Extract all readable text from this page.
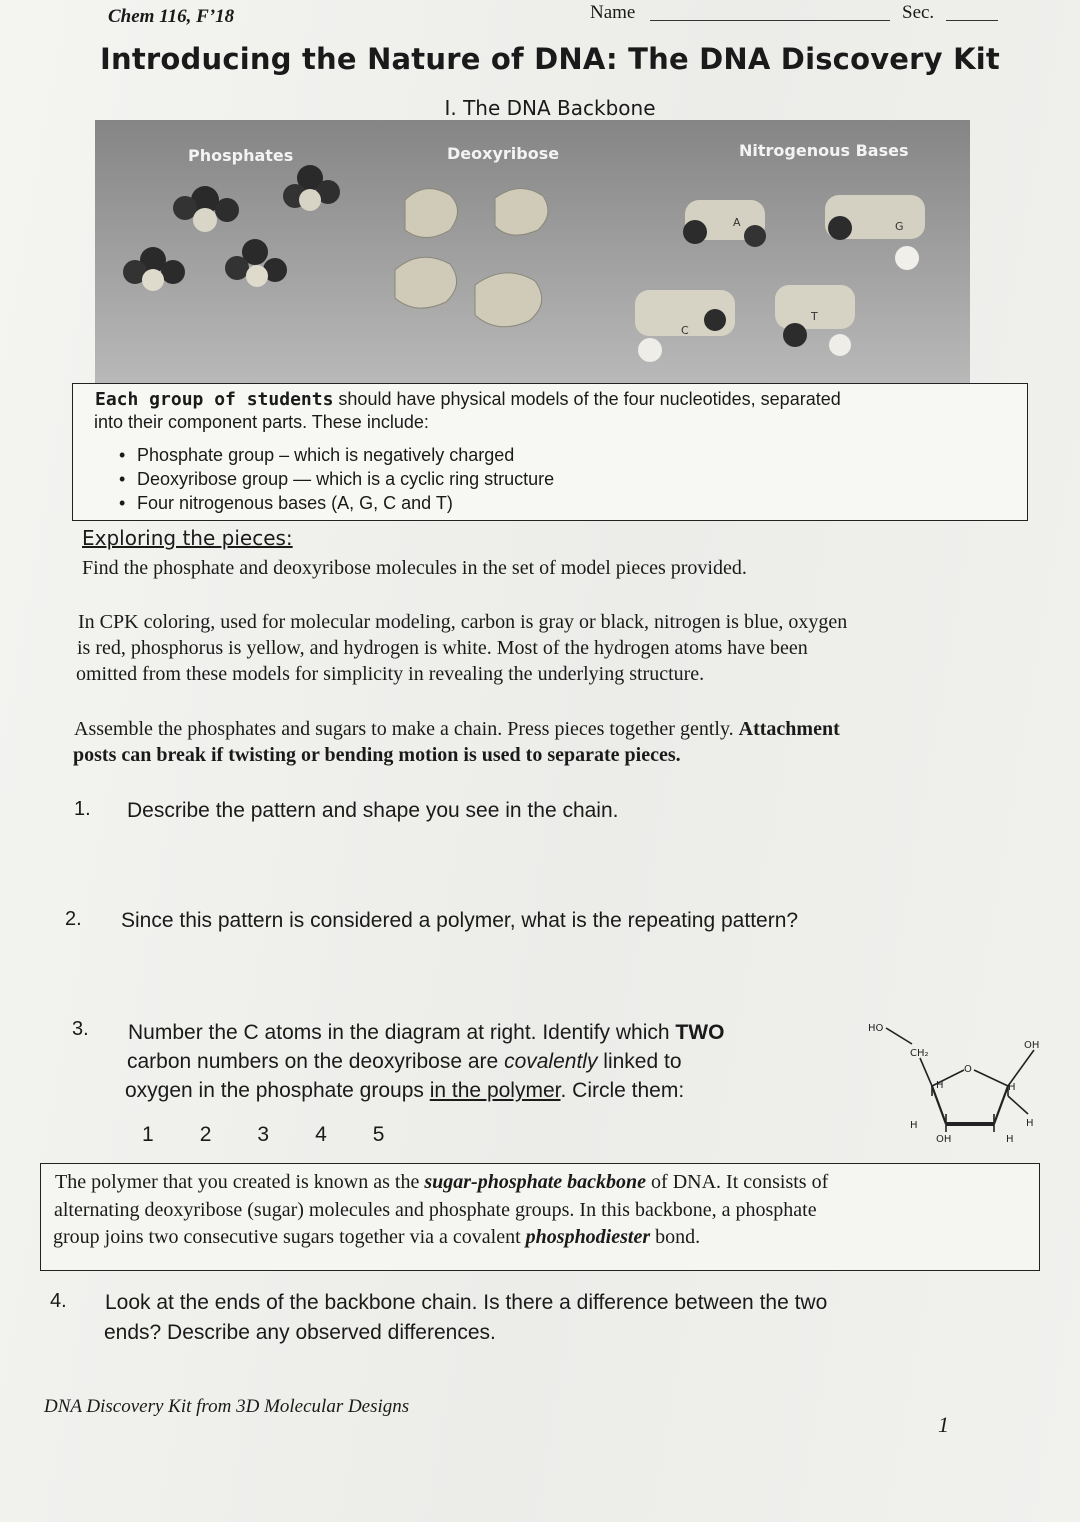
Chem 116, F’18	Name	Sec.
Introducing the Nature of DNA: The DNA Discovery Kit
I. The DNA Backbone
Phosphates	Deoxyribose	Nitrogenous Bases
A	G
C
T
Each group of students should have physical models of the four nucleotides, separated
into their component parts. These include:
• Phosphate group – which is negatively charged
• Deoxyribose group — which is a cyclic ring structure
• Four nitrogenous bases (A, G, C and T)
Exploring the pieces:
Find the phosphate and deoxyribose molecules in the set of model pieces provided.
In CPK coloring, used for molecular modeling, carbon is gray or black, nitrogen is blue, oxygen
is red, phosphorus is yellow, and hydrogen is white. Most of the hydrogen atoms have been
omitted from these models for simplicity in revealing the underlying structure.
Assemble the phosphates and sugars to make a chain. Press pieces together gently. Attachment
posts can break if twisting or bending motion is used to separate pieces.
1. Describe the pattern and shape you see in the chain.
2. Since this pattern is considered a polymer, what is the repeating pattern?
3. Number the C atoms in the diagram at right. Identify which TWO
carbon numbers on the deoxyribose are covalently linked to
oxygen in the phosphate groups in the polymer. Circle them:
1 2 3 4 5
HO
CH₂
O
OH
H	H
H	H
OH	H
The polymer that you created is known as the sugar-phosphate backbone of DNA. It consists of
alternating deoxyribose (sugar) molecules and phosphate groups. In this backbone, a phosphate
group joins two consecutive sugars together via a covalent phosphodiester bond.
4. Look at the ends of the backbone chain. Is there a difference between the two
ends? Describe any observed differences.
DNA Discovery Kit from 3D Molecular Designs
1
